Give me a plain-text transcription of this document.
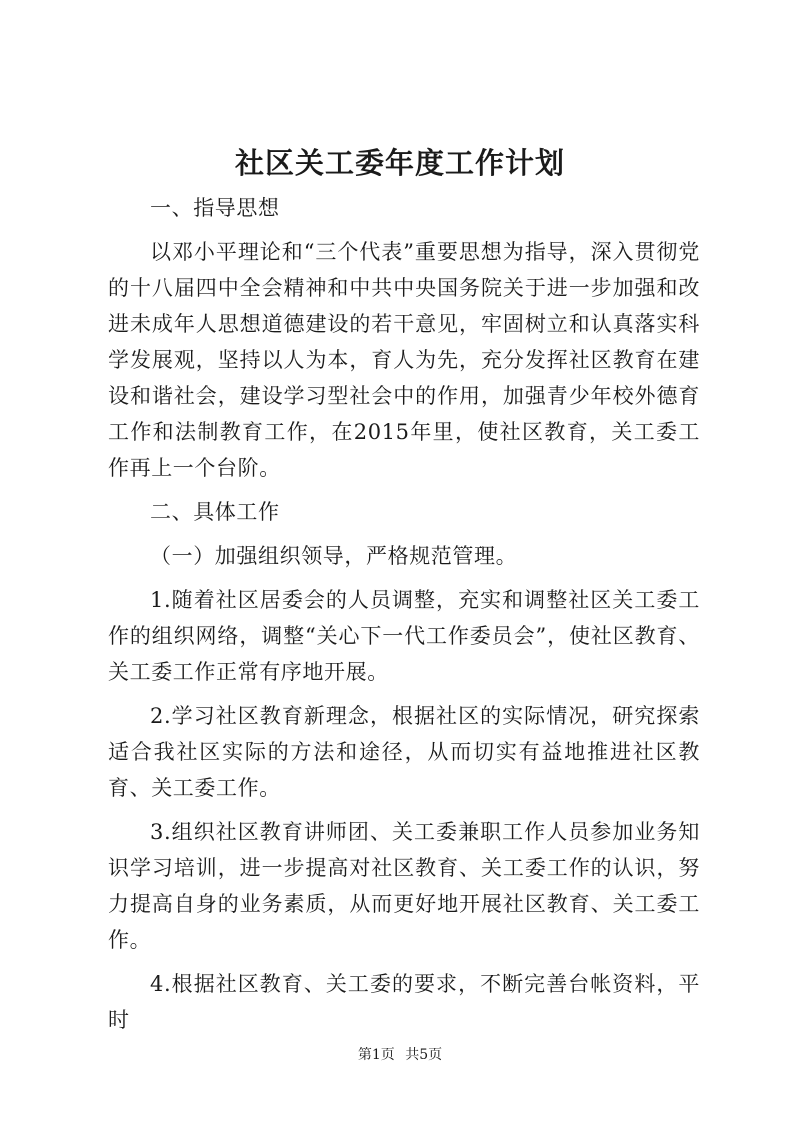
社区关工委年度工作计划

一、指导思想

以邓小平理论和“三个代表”重要思想为指导，深入贯彻党的十八届四中全会精神和中共中央国务院关于进一步加强和改进未成年人思想道德建设的若干意见，牢固树立和认真落实科学发展观，坚持以人为本，育人为先，充分发挥社区教育在建设和谐社会，建设学习型社会中的作用，加强青少年校外德育工作和法制教育工作，在2015年里，使社区教育，关工委工作再上一个台阶。

二、具体工作

（一）加强组织领导，严格规范管理。

1.随着社区居委会的人员调整，充实和调整社区关工委工作的组织网络，调整“关心下一代工作委员会”，使社区教育、关工委工作正常有序地开展。

2.学习社区教育新理念，根据社区的实际情况，研究探索适合我社区实际的方法和途径，从而切实有益地推进社区教育、关工委工作。

3.组织社区教育讲师团、关工委兼职工作人员参加业务知识学习培训，进一步提高对社区教育、关工委工作的认识，努力提高自身的业务素质，从而更好地开展社区教育、关工委工作。

4.根据社区教育、关工委的要求，不断完善台帐资料，平时

第1页 共5页
